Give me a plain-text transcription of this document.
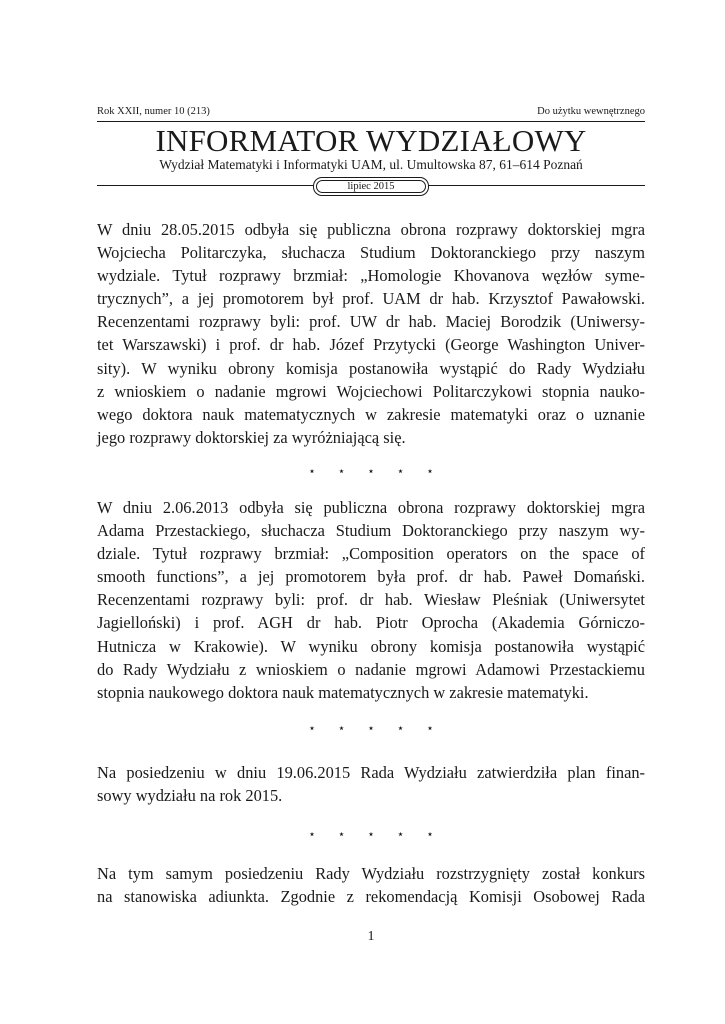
Rok XXII, numer 10 (213)	Do użytku wewnętrznego
INFORMATOR WYDZIAŁOWY
Wydział Matematyki i Informatyki UAM, ul. Umultowska 87, 61–614 Poznań
lipiec 2015
W dniu 28.05.2015 odbyła się publiczna obrona rozprawy doktorskiej mgra
Wojciecha Politarczyka, słuchacza Studium Doktoranckiego przy naszym
wydziale. Tytuł rozprawy brzmiał: „Homologie Khovanova węzłów syme-
trycznych”, a jej promotorem był prof. UAM dr hab. Krzysztof Pawałowski.
Recenzentami rozprawy byli: prof. UW dr hab. Maciej Borodzik (Uniwersy-
tet Warszawski) i prof. dr hab. Józef Przytycki (George Washington Univer-
sity). W wyniku obrony komisja postanowiła wystąpić do Rady Wydziału
z wnioskiem o nadanie mgrowi Wojciechowi Politarczykowi stopnia nauko-
wego doktora nauk matematycznych w zakresie matematyki oraz o uznanie
jego rozprawy doktorskiej za wyróżniającą się.
⋆ ⋆ ⋆ ⋆ ⋆
W dniu 2.06.2013 odbyła się publiczna obrona rozprawy doktorskiej mgra
Adama Przestackiego, słuchacza Studium Doktoranckiego przy naszym wy-
dziale. Tytuł rozprawy brzmiał: „Composition operators on the space of
smooth functions”, a jej promotorem była prof. dr hab. Paweł Domański.
Recenzentami rozprawy byli: prof. dr hab. Wiesław Pleśniak (Uniwersytet
Jagielloński) i prof. AGH dr hab. Piotr Oprocha (Akademia Górniczo-
Hutnicza w Krakowie). W wyniku obrony komisja postanowiła wystąpić
do Rady Wydziału z wnioskiem o nadanie mgrowi Adamowi Przestackiemu
stopnia naukowego doktora nauk matematycznych w zakresie matematyki.
⋆ ⋆ ⋆ ⋆ ⋆
Na posiedzeniu w dniu 19.06.2015 Rada Wydziału zatwierdziła plan finan-
sowy wydziału na rok 2015.
⋆ ⋆ ⋆ ⋆ ⋆
Na tym samym posiedzeniu Rady Wydziału rozstrzygnięty został konkurs
na stanowiska adiunkta. Zgodnie z rekomendacją Komisji Osobowej Rada
1
